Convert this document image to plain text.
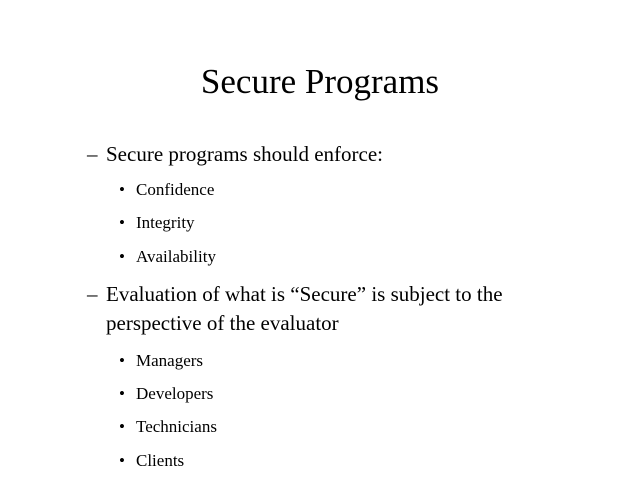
Secure Programs
– Secure programs should enforce:
• Confidence
• Integrity
• Availability
– Evaluation of what is “Secure” is subject to the perspective of the evaluator
• Managers
• Developers
• Technicians
• Clients
